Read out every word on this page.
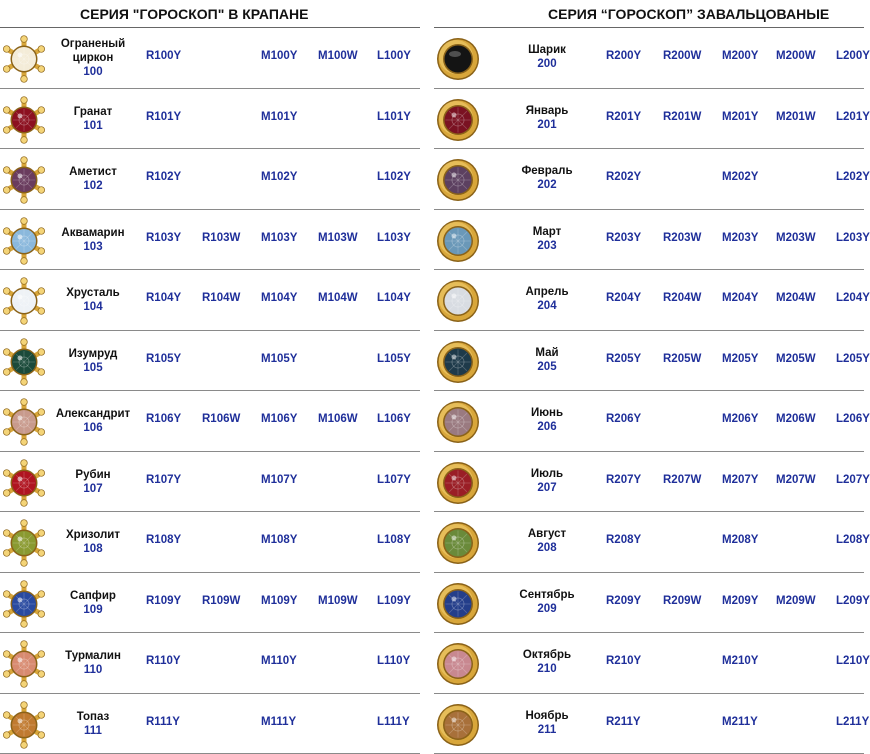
СЕРИЯ "ГОРОСКОП" В КРАПАНЕ
Ограненый
циркон
100
R100Y	M100Y M100W L100Y
Гранат
101
R101Y	M101Y	L101Y
Аметист
102
R102Y	M102Y	L102Y
Аквамарин
103
R103Y R103W M103Y M103W L103Y
Хрусталь
104
R104Y R104W M104Y M104W L104Y
Изумруд
105
R105Y	M105Y	L105Y
Александрит
106
R106Y R106W M106Y M106W L106Y
Рубин
107
R107Y	M107Y	L107Y
Хризолит
108
R108Y	M108Y	L108Y
Сапфир
109
R109Y R109W M109Y M109W L109Y
Турмалин
110
R110Y	M110Y	L110Y
Топаз
111
R111Y	M111Y	L111Y
СЕРИЯ “ГОРОСКОП” ЗАВАЛЬЦОВАНЫЕ
Шарик
200
R200Y R200W M200Y M200W L200Y
Январь
201
R201Y R201W M201Y M201W L201Y
Февраль
202
R202Y	M202Y	L202Y
Март
203
R203Y R203W M203Y M203W L203Y
Апрель
204
R204Y R204W M204Y M204W L204Y
Май
205
R205Y R205W M205Y M205W L205Y
Июнь
206
R206Y	M206Y M206W L206Y
Июль
207
R207Y R207W M207Y M207W L207Y
Август
208
R208Y	M208Y	L208Y
Сентябрь
209
R209Y R209W M209Y M209W L209Y
Октябрь
210
R210Y	M210Y	L210Y
Ноябрь
211
R211Y	M211Y	L211Y
